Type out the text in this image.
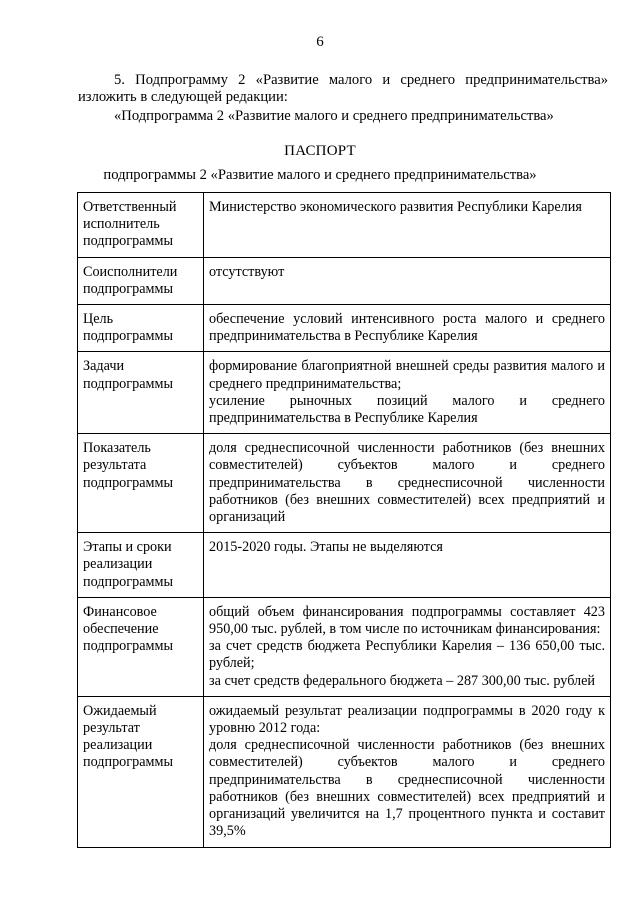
6

5. Подпрограмму 2 «Развитие малого и среднего предпринимательства» изложить в следующей редакции:

«Подпрограмма 2 «Развитие малого и среднего предпринимательства»

ПАСПОРТ
подпрограммы 2 «Развитие малого и среднего предпринимательства»
Ответственный исполнитель подпрограммы	Министерство экономического развития Республики Карелия

Соисполнители подпрограммы	отсутствуют

Цель подпрограммы	обеспечение условий интенсивного роста малого и среднего предпринимательства в Республике Карелия

Задачи подпрограммы	формирование благоприятной внешней среды развития малого и среднего предпринимательства;
усиление рыночных позиций малого и среднего предпринимательства в Республике Карелия

Показатель результата подпрограммы	доля среднесписочной численности работников (без внешних совместителей) субъектов малого и среднего предпринимательства в среднесписочной численности работников (без внешних совместителей) всех предприятий и организаций

Этапы и сроки реализации подпрограммы	2015-2020 годы. Этапы не выделяются

Финансовое обеспечение подпрограммы	общий объем финансирования подпрограммы составляет 423 950,00 тыс. рублей, в том числе по источникам финансирования:
за счет средств бюджета Республики Карелия – 136 650,00 тыс. рублей;
за счет средств федерального бюджета – 287 300,00 тыс. рублей

Ожидаемый результат реализации подпрограммы	ожидаемый результат реализации подпрограммы в 2020 году к уровню 2012 года:
доля среднесписочной численности работников (без внешних совместителей) субъектов малого и среднего предпринимательства в среднесписочной численности работников (без внешних совместителей) всех предприятий и организаций увеличится на 1,7 процентного пункта и составит 39,5%
